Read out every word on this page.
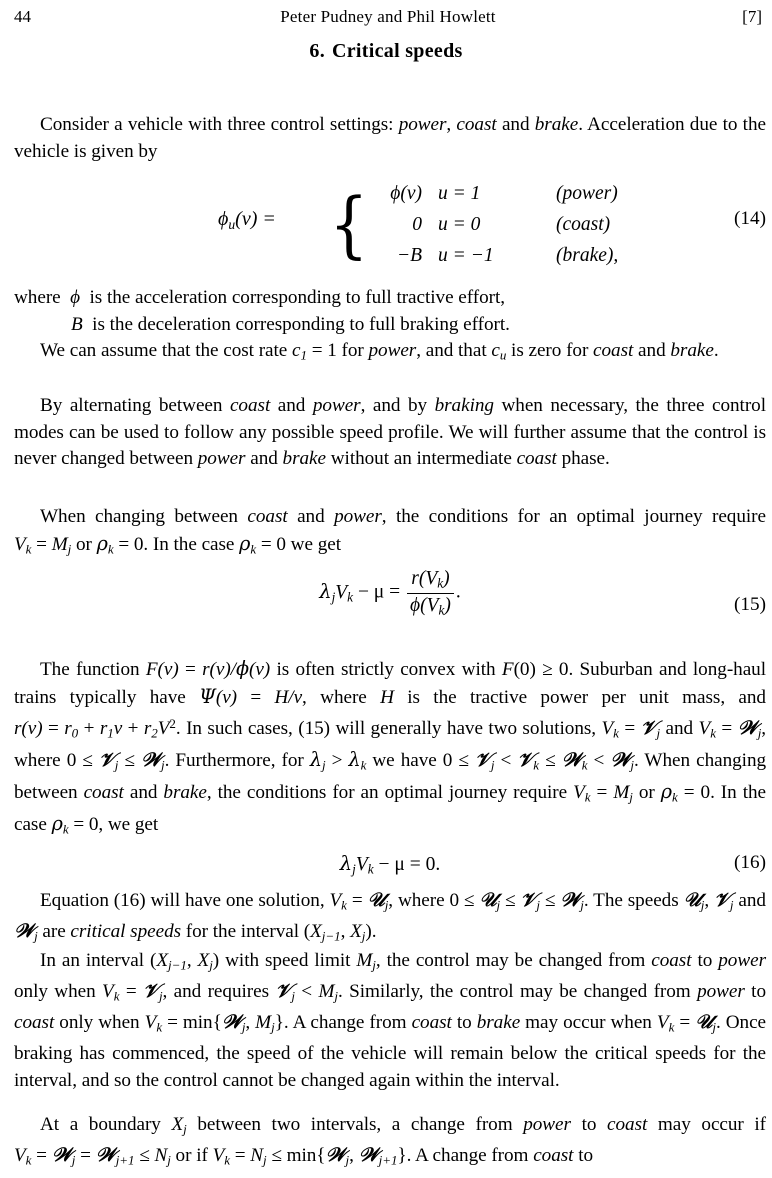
44	Peter Pudney and Phil Howlett	[7]
6. Critical speeds

Consider a vehicle with three control settings: power, coast and brake. Acceleration due to the vehicle is given by

$\phi_u(v)$ = {	ϕ(v) u = 1	(power)
0 u = 0	(coast)
−B u = −1	(brake),
(14)

where ϕ is the acceleration corresponding to full tractive effort,

B is the deceleration corresponding to full braking effort.

We can assume that the cost rate $c_1 = 1$ for power, and that $c_u$ is zero for coast and brake.

By alternating between coast and power, and by braking when necessary, the three control modes can be used to follow any possible speed profile. We will further assume that the control is never changed between power and brake without an intermediate coast phase.

When changing between coast and power, the conditions for an optimal journey require $V_k = M_j$ or $\rho_k = 0$. In the case $\rho_k = 0$ we get

$\lambda_jV_k - \mu = \frac{r(V_k)}{\phi(V_k)}$ .
(15)

The function F(v) = r(v)/ϕ(v) is often strictly convex with F(0) ≥ 0. Suburban and long-haul trains typically have Ψ(v) = H/v, where H is the tractive power per unit mass, and $r(v) = r_0 + r_1v + r_2V^2$. In such cases, (15) will generally have two solutions, $V_k$ = 𝒱$_j$ and $V_k$ = 𝒲$_j$, where 0 ≤ 𝒱$_j$ ≤ 𝒲$_j$. Furthermore, for $\lambda_j > \lambda_k$ we have 0 ≤ 𝒱$_j$ < 𝒱$_k$ ≤ 𝒲$_k$ < 𝒲$_j$. When changing between coast and brake, the conditions for an optimal journey require $V_k = M_j$ or $\rho_k = 0$. In the case $\rho_k = 0$, we get

$\lambda_jV_k - \mu = 0$.	(16)

Equation (16) will have one solution, $V_k$ = 𝒰$_j$, where 0 ≤ 𝒰$_j$ ≤ 𝒱$_j$ ≤ 𝒲$_j$. The speeds 𝒰$_j$, 𝒱$_j$ and 𝒲$_j$ are critical speeds for the interval ($X_{j-1}$, $X_j$).

In an interval ($X_{j-1}$, $X_j$) with speed limit $M_j$, the control may be changed from coast to power only when $V_k$ = 𝒱$_j$, and requires 𝒱$_j$ < $M_j$. Similarly, the control may be changed from power to coast only when $V_k$ = min{𝒲$_j$, $M_j$}. A change from coast to brake may occur when $V_k$ = 𝒰$_j$. Once braking has commenced, the speed of the vehicle will remain below the critical speeds for the interval, and so the control cannot be changed again within the interval.

At a boundary $X_j$ between two intervals, a change from power to coast may occur if $V_k$ = 𝒲$_j$ = 𝒲$_{j+1}$ ≤ $N_j$ or if $V_k = N_j$ ≤ min{𝒲$_j$, 𝒲$_{j+1}$}. A change from coast to
